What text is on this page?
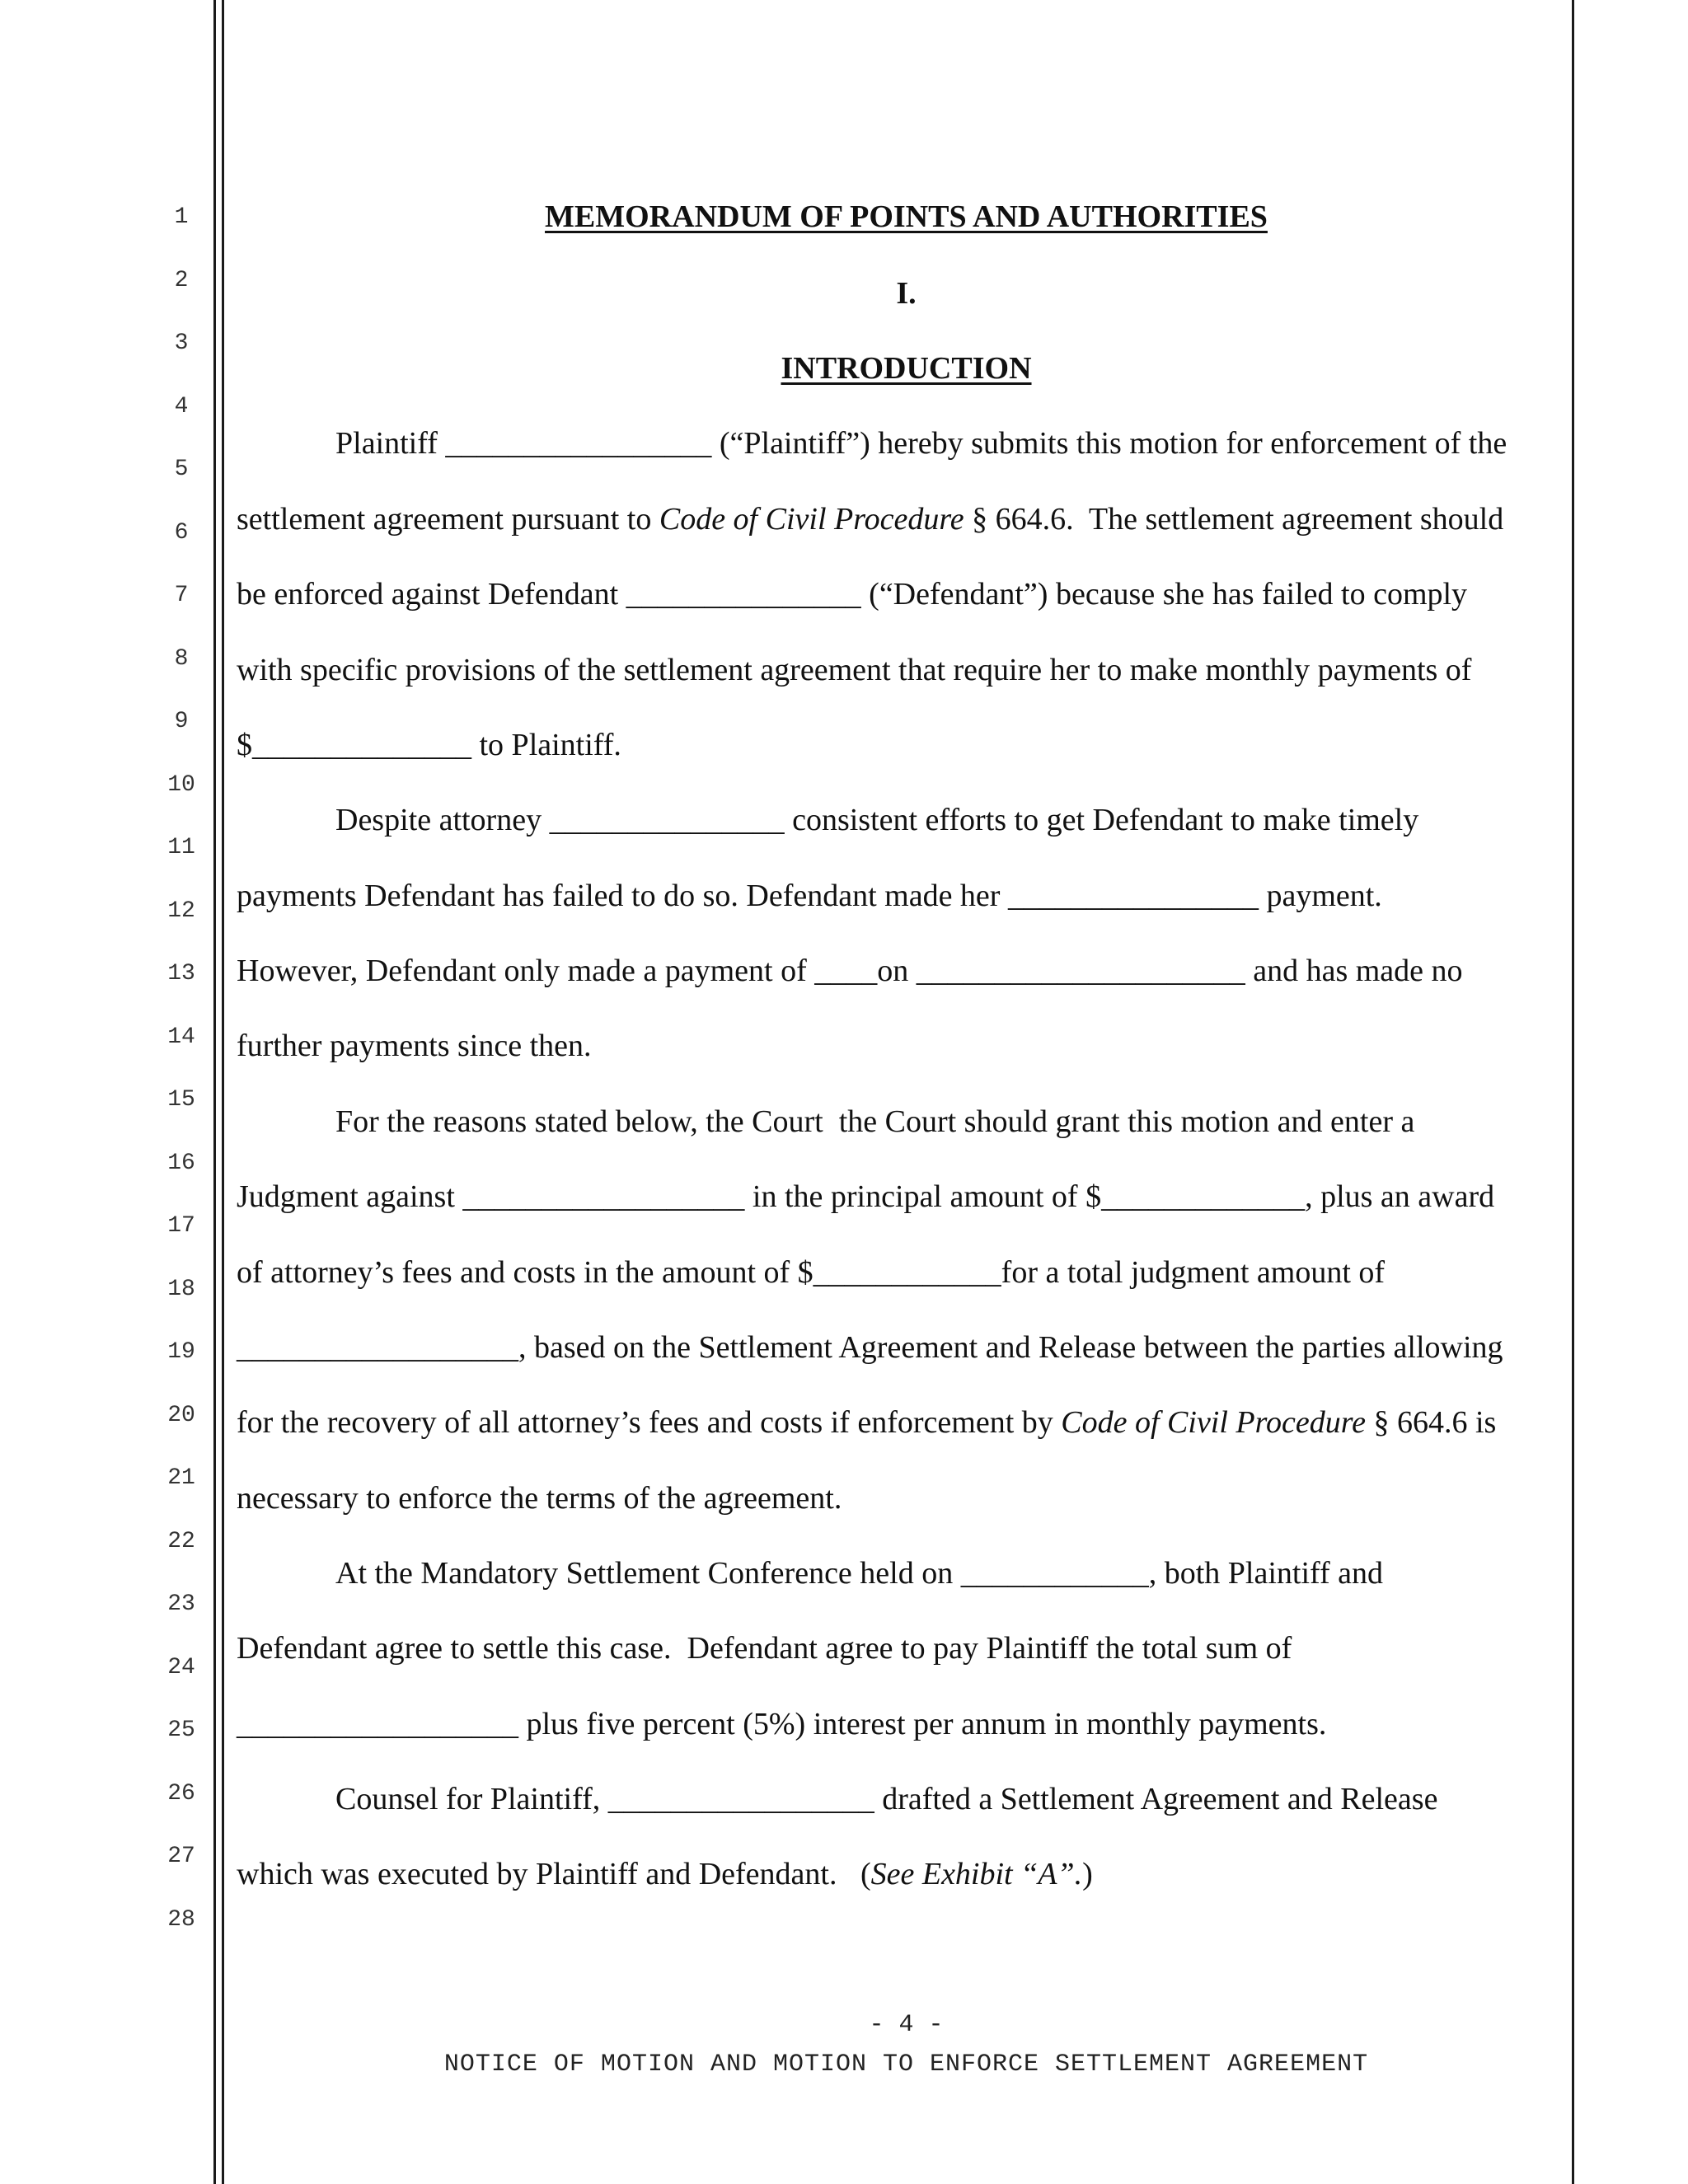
1
2
3
4
5
6
7
8
9
10
11
12
13
14
15
16
17
18
19
20
21
22
23
24
25
26
27
28
MEMORANDUM OF POINTS AND AUTHORITIES
I.
INTRODUCTION
Plaintiff _________________ (“Plaintiff”) hereby submits this motion for enforcement of the
settlement agreement pursuant to Code of Civil Procedure § 664.6.  The settlement agreement should
be enforced against Defendant _______________ (“Defendant”) because she has failed to comply
with specific provisions of the settlement agreement that require her to make monthly payments of
$______________ to Plaintiff.
Despite attorney _______________ consistent efforts to get Defendant to make timely
payments Defendant has failed to do so. Defendant made her ________________ payment.
However, Defendant only made a payment of ____on _____________________ and has made no
further payments since then.
For the reasons stated below, the Court  the Court should grant this motion and enter a
Judgment against __________________ in the principal amount of $_____________, plus an award
of attorney’s fees and costs in the amount of $____________for a total judgment amount of
__________________, based on the Settlement Agreement and Release between the parties allowing
for the recovery of all attorney’s fees and costs if enforcement by Code of Civil Procedure § 664.6 is
necessary to enforce the terms of the agreement.
At the Mandatory Settlement Conference held on ____________, both Plaintiff and
Defendant agree to settle this case.  Defendant agree to pay Plaintiff the total sum of
__________________ plus five percent (5%) interest per annum in monthly payments.
Counsel for Plaintiff, _________________ drafted a Settlement Agreement and Release
which was executed by Plaintiff and Defendant.   (See Exhibit “A”.)
- 4 -
NOTICE OF MOTION AND MOTION TO ENFORCE SETTLEMENT AGREEMENT
